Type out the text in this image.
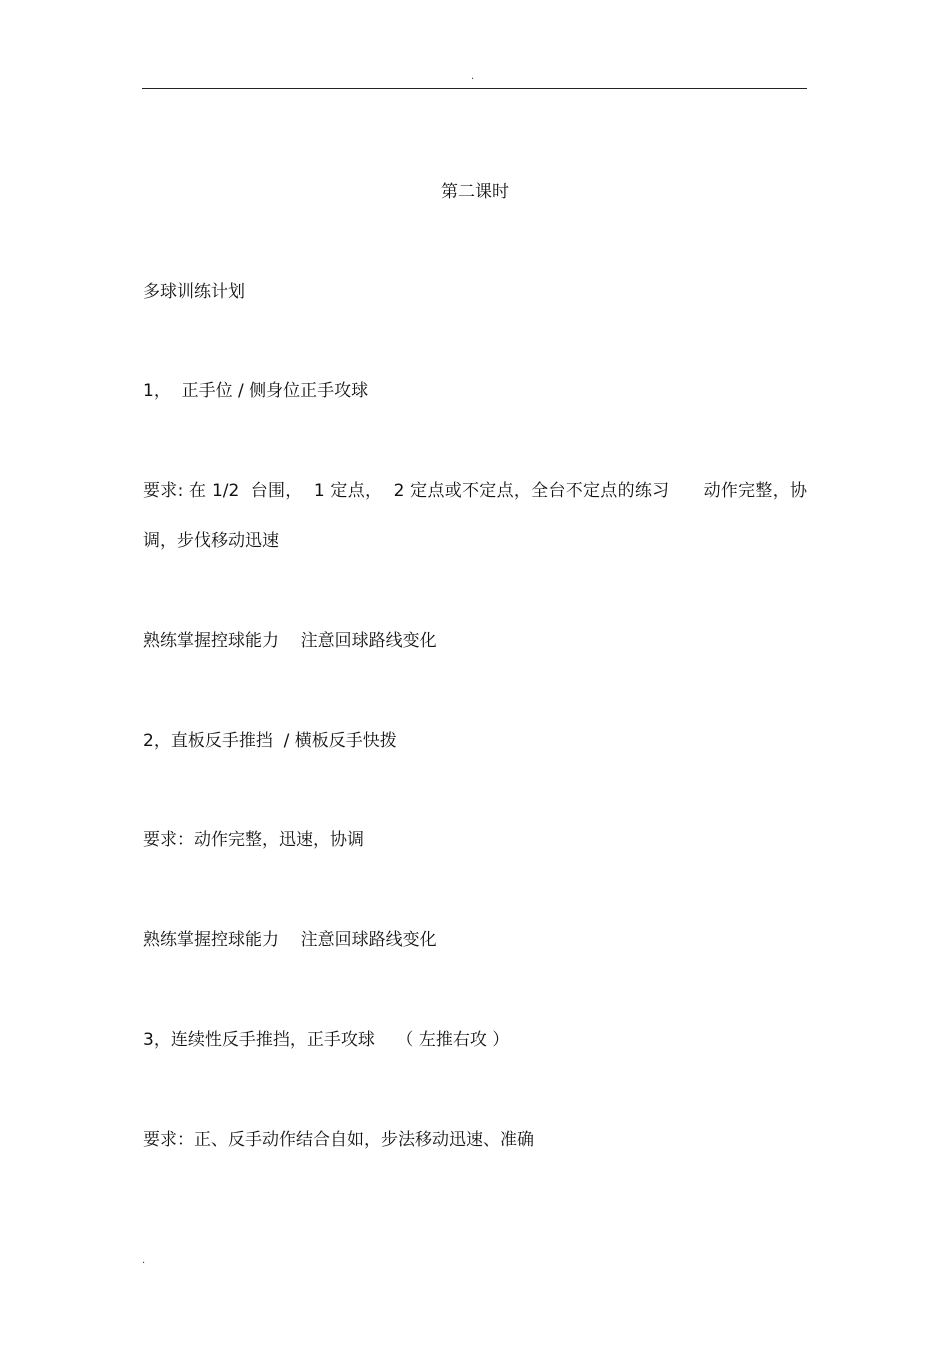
.
第二课时
多球训练计划
1，  正手位 / 侧身位正手攻球
要求: 在 1/2  台围，  1 定点，  2 定点或不定点，全台不定点的练习      动作完整，协调，步伐移动迅速
熟练掌握控球能力    注意回球路线变化
2，直板反手推挡  / 横板反手快拨
要求：动作完整，迅速，协调
熟练掌握控球能力    注意回球路线变化
3，连续性反手推挡，正手攻球    （ 左推右攻 ）
要求：正、反手动作结合自如，步法移动迅速、准确
.
